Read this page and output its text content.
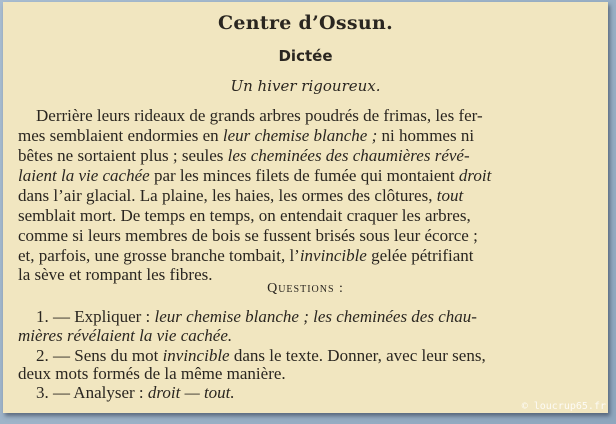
Centre d’Ossun.
Dictée
Un hiver rigoureux.
Derrière leurs rideaux de grands arbres poudrés de frimas, les fer-
mes semblaient endormies en leur chemise blanche ; ni hommes ni
bêtes ne sortaient plus ; seules les cheminées des chaumières révé-
laient la vie cachée par les minces filets de fumée qui montaient droit
dans l’air glacial. La plaine, les haies, les ormes des clôtures, tout
semblait mort. De temps en temps, on entendait craquer les arbres,
comme si leurs membres de bois se fussent brisés sous leur écorce ;
et, parfois, une grosse branche tombait, l’invincible gelée pétrifiant
la sève et rompant les fibres.
Questions :
1. — Expliquer : leur chemise blanche ; les cheminées des chau-
mières révélaient la vie cachée.
2. — Sens du mot invincible dans le texte. Donner, avec leur sens,
deux mots formés de la même manière.
3. — Analyser : droit — tout.
© loucrup65.fr
